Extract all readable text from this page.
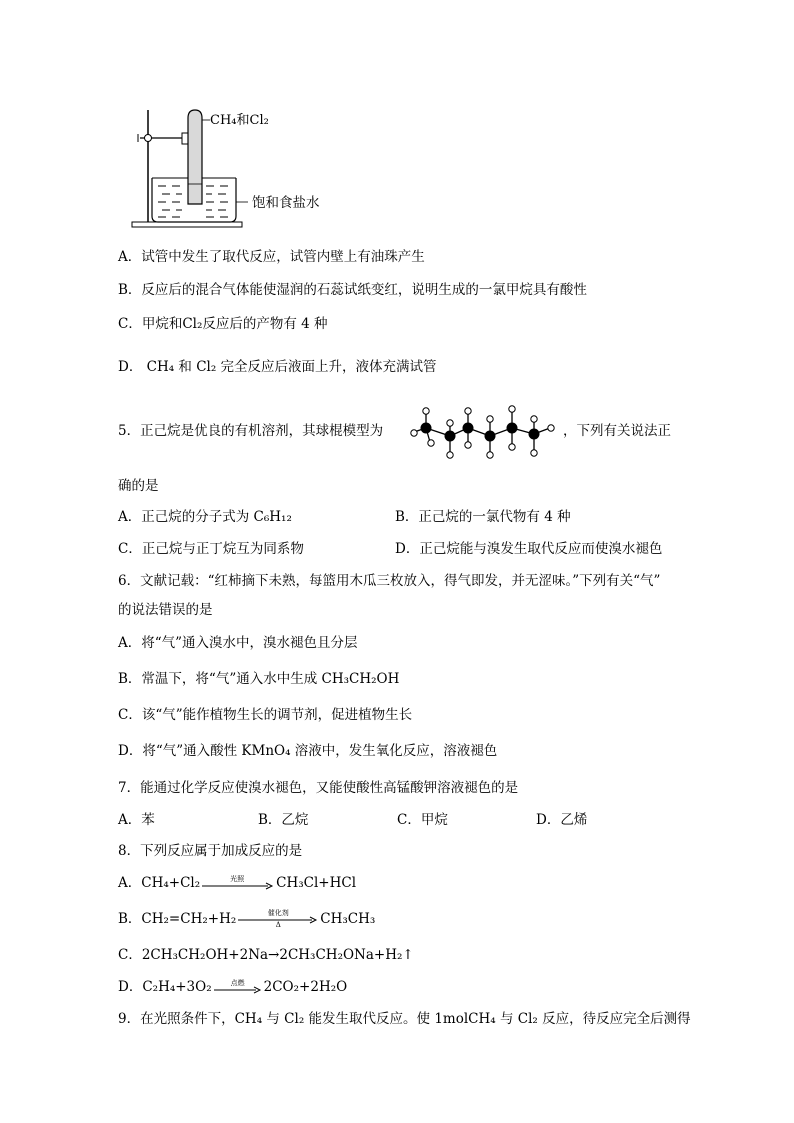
CH₄和Cl₂
饱和食盐水
A．试管中发生了取代反应，试管内壁上有油珠产生
B．反应后的混合气体能使湿润的石蕊试纸变红，说明生成的一氯甲烷具有酸性
C．甲烷和Cl₂反应后的产物有 4 种
D． CH₄ 和 Cl₂ 完全反应后液面上升，液体充满试管
5．正己烷是优良的有机溶剂，其球棍模型为	，下列有关说法正
确的是
A．正己烷的分子式为 C₆H₁₂	B．正己烷的一氯代物有 4 种
C．正己烷与正丁烷互为同系物	D．正己烷能与溴发生取代反应而使溴水褪色
6．文献记载：“红柿摘下未熟，每篮用木瓜三枚放入，得气即发，并无涩味。”下列有关“气”
的说法错误的是
A．将“气”通入溴水中，溴水褪色且分层
B．常温下，将“气”通入水中生成 CH₃CH₂OH
C．该“气”能作植物生长的调节剂，促进植物生长
D．将“气”通入酸性 KMnO₄ 溶液中，发生氧化反应，溶液褪色
7．能通过化学反应使溴水褪色，又能使酸性高锰酸钾溶液褪色的是
A．苯	B．乙烷	C．甲烷	D．乙烯
8．下列反应属于加成反应的是
A．CH₄+Cl₂	光照	CH₃Cl+HCl
B．CH₂=CH₂+H₂	催化剂
Δ	CH₃CH₃
C．2CH₃CH₂OH+2Na→2CH₃CH₂ONa+H₂↑
D．C₂H₄+3O₂	点燃	2CO₂+2H₂O
9．在光照条件下，CH₄ 与 Cl₂ 能发生取代反应。使 1molCH₄ 与 Cl₂ 反应，待反应完全后测得
